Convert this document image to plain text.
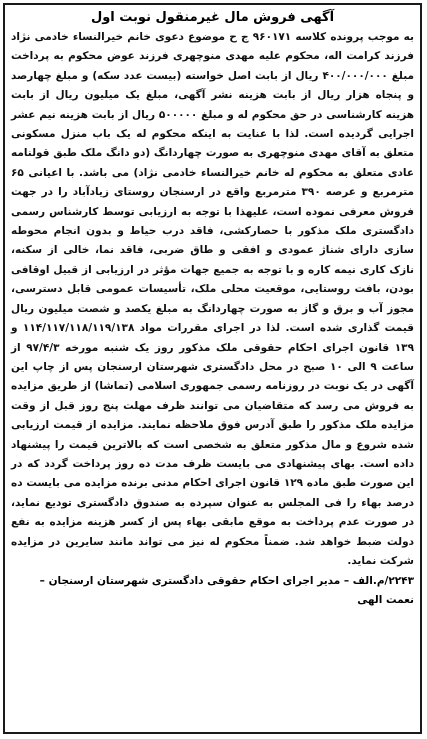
آگهی فروش مال غیرمنقول نوبت اول

به موجب پرونده کلاسه ۹۶۰۱۷۱ ج ح موضوع دعوی خانم خیرالنساء خادمی نژاد فرزند کرامت اله، محکوم علیه مهدی منوچهری فرزند عوض محکوم به پرداخت مبلغ ۴۰۰/۰۰۰/۰۰۰ ریال از بابت اصل خواسته (بیست عدد سکه) و مبلغ چهارصد و پنجاه هزار ریال از بابت هزینه نشر آگهی، مبلغ یک میلیون ریال از بابت هزینه کارشناسی در حق محکوم له و مبلغ ۵۰۰۰۰۰ ریال از بابت هزینه نیم عشر اجرایی گردیده است. لذا با عنایت به اینکه محکوم له یک باب منزل مسکونی متعلق به آقای مهدی منوچهری به صورت چهاردانگ (دو دانگ ملک طبق قولنامه عادی متعلق به محکوم له خانم خیرالنساء خادمی نژاد) می باشد. با اعیانی ۶۵ مترمربع و عرصه ۳۹۰ مترمربع واقع در ارسنجان روستای زیادآباد را در جهت فروش معرفی نموده است، علیهذا با توجه به ارزیابی توسط کارشناس رسمی دادگستری ملک مذکور با حصارکشی، فاقد درب حیاط و بدون انجام محوطه سازی دارای شناژ عمودی و افقی و طاق ضربی، فاقد نما، خالی از سکنه، نازک کاری نیمه کاره و با توجه به جمیع جهات مؤثر در ارزیابی از قبیل اوقافی بودن، بافت روستایی، موقعیت محلی ملک، تأسیسات عمومی قابل دسترسی، مجوز آب و برق و گاز به صورت چهاردانگ به مبلغ یکصد و شصت میلیون ریال قیمت گذاری شده است. لذا در اجرای مقررات مواد ۱۱۴/۱۱۷/۱۱۸/۱۱۹/۱۳۸ و ۱۳۹ قانون اجرای احکام حقوقی ملک مذکور روز یک شنبه مورخه ۹۷/۴/۳ از ساعت ۹ الی ۱۰ صبح در محل دادگستری شهرستان ارسنجان پس از چاپ این آگهی در یک نوبت در روزنامه رسمی جمهوری اسلامی (تماشا) از طریق مزایده به فروش می رسد که متقاضیان می توانند ظرف مهلت پنج روز قبل از وقت مزایده ملک مذکور را طبق آدرس فوق ملاحظه نمایند. مزایده از قیمت ارزیابی شده شروع و مال مذکور متعلق به شخصی است که بالاترین قیمت را پیشنهاد داده است. بهای پیشنهادی می بایست ظرف مدت ده روز پرداخت گردد که در این صورت طبق ماده ۱۲۹ قانون اجرای احکام مدنی برنده مزایده می بایست ده درصد بهاء را فی المجلس به عنوان سپرده به صندوق دادگستری تودیع نماید، در صورت عدم پرداخت به موقع مابقی بهاء پس از کسر هزینه مزایده به نفع دولت ضبط خواهد شد. ضمناً محکوم له نیز می تواند مانند سایرین در مزایده شرکت نماید.

۲۲۴۳/م.الف – مدیر اجرای احکام حقوقی دادگستری شهرستان ارسنجان – نعمت الهی
